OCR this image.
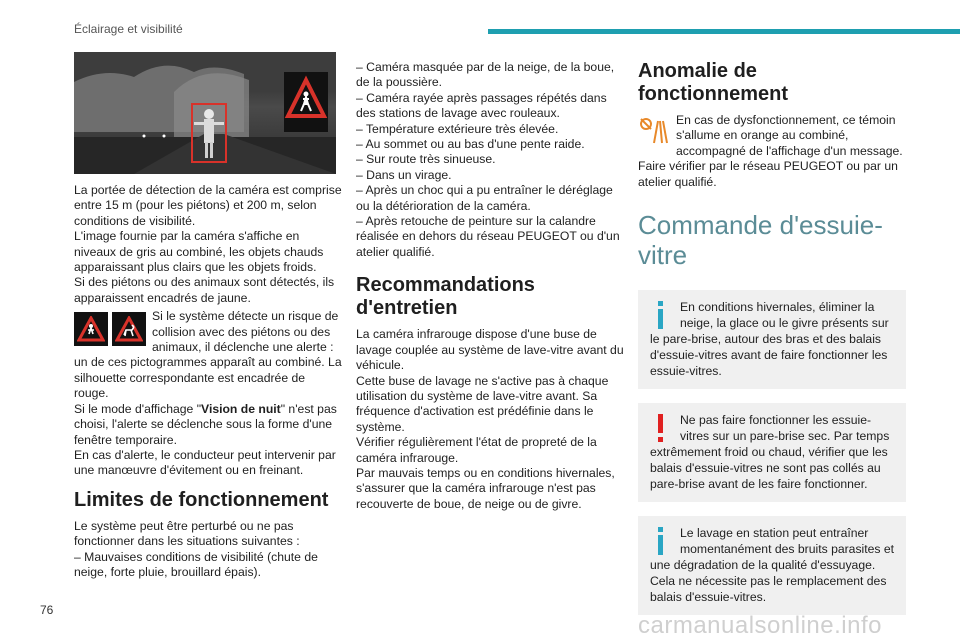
Éclairage et visibilité

La portée de détection de la caméra est comprise entre 15 m (pour les piétons) et 200 m, selon conditions de visibilité.

L'image fournie par la caméra s'affiche en niveaux de gris au combiné, les objets chauds apparaissant plus clairs que les objets froids.

Si des piétons ou des animaux sont détectés, ils apparaissent encadrés de jaune.

Si le système détecte un risque de collision avec des piétons ou des animaux, il déclenche une alerte : un de ces pictogrammes apparaît au combiné. La silhouette correspondante est encadrée de rouge.

Si le mode d'affichage "Vision de nuit" n'est pas choisi, l'alerte se déclenche sous la forme d'une fenêtre temporaire.

En cas d'alerte, le conducteur peut intervenir par une manœuvre d'évitement ou en freinant.

Limites de fonctionnement

Le système peut être perturbé ou ne pas fonctionner dans les situations suivantes :

– Mauvaises conditions de visibilité (chute de neige, forte pluie, brouillard épais).

– Caméra masquée par de la neige, de la boue, de la poussière.

– Caméra rayée après passages répétés dans des stations de lavage avec rouleaux.

– Température extérieure très élevée.

– Au sommet ou au bas d'une pente raide.

– Sur route très sinueuse.

– Dans un virage.

– Après un choc qui a pu entraîner le déréglage ou la détérioration de la caméra.

– Après retouche de peinture sur la calandre réalisée en dehors du réseau PEUGEOT ou d'un atelier qualifié.

Recommandations d'entretien

La caméra infrarouge dispose d'une buse de lavage couplée au système de lave-vitre avant du véhicule.

Cette buse de lavage ne s'active pas à chaque utilisation du système de lave-vitre avant. Sa fréquence d'activation est prédéfinie dans le système.

Vérifier régulièrement l'état de propreté de la caméra infrarouge.

Par mauvais temps ou en conditions hivernales, s'assurer que la caméra infrarouge n'est pas recouverte de boue, de neige ou de givre.

Anomalie de fonctionnement

En cas de dysfonctionnement, ce témoin s'allume en orange au combiné, accompagné de l'affichage d'un message.

Faire vérifier par le réseau PEUGEOT ou par un atelier qualifié.

Commande d'essuie-vitre
En conditions hivernales, éliminer la neige, la glace ou le givre présents sur le pare-brise, autour des bras et des balais d'essuie-vitres avant de faire fonctionner les essuie-vitres.
Ne pas faire fonctionner les essuie-vitres sur un pare-brise sec. Par temps extrêmement froid ou chaud, vérifier que les balais d'essuie-vitres ne sont pas collés au pare-brise avant de les faire fonctionner.
Le lavage en station peut entraîner momentanément des bruits parasites et une dégradation de la qualité d'essuyage. Cela ne nécessite pas le remplacement des balais d'essuie-vitres.
76
carmanualsonline.info
